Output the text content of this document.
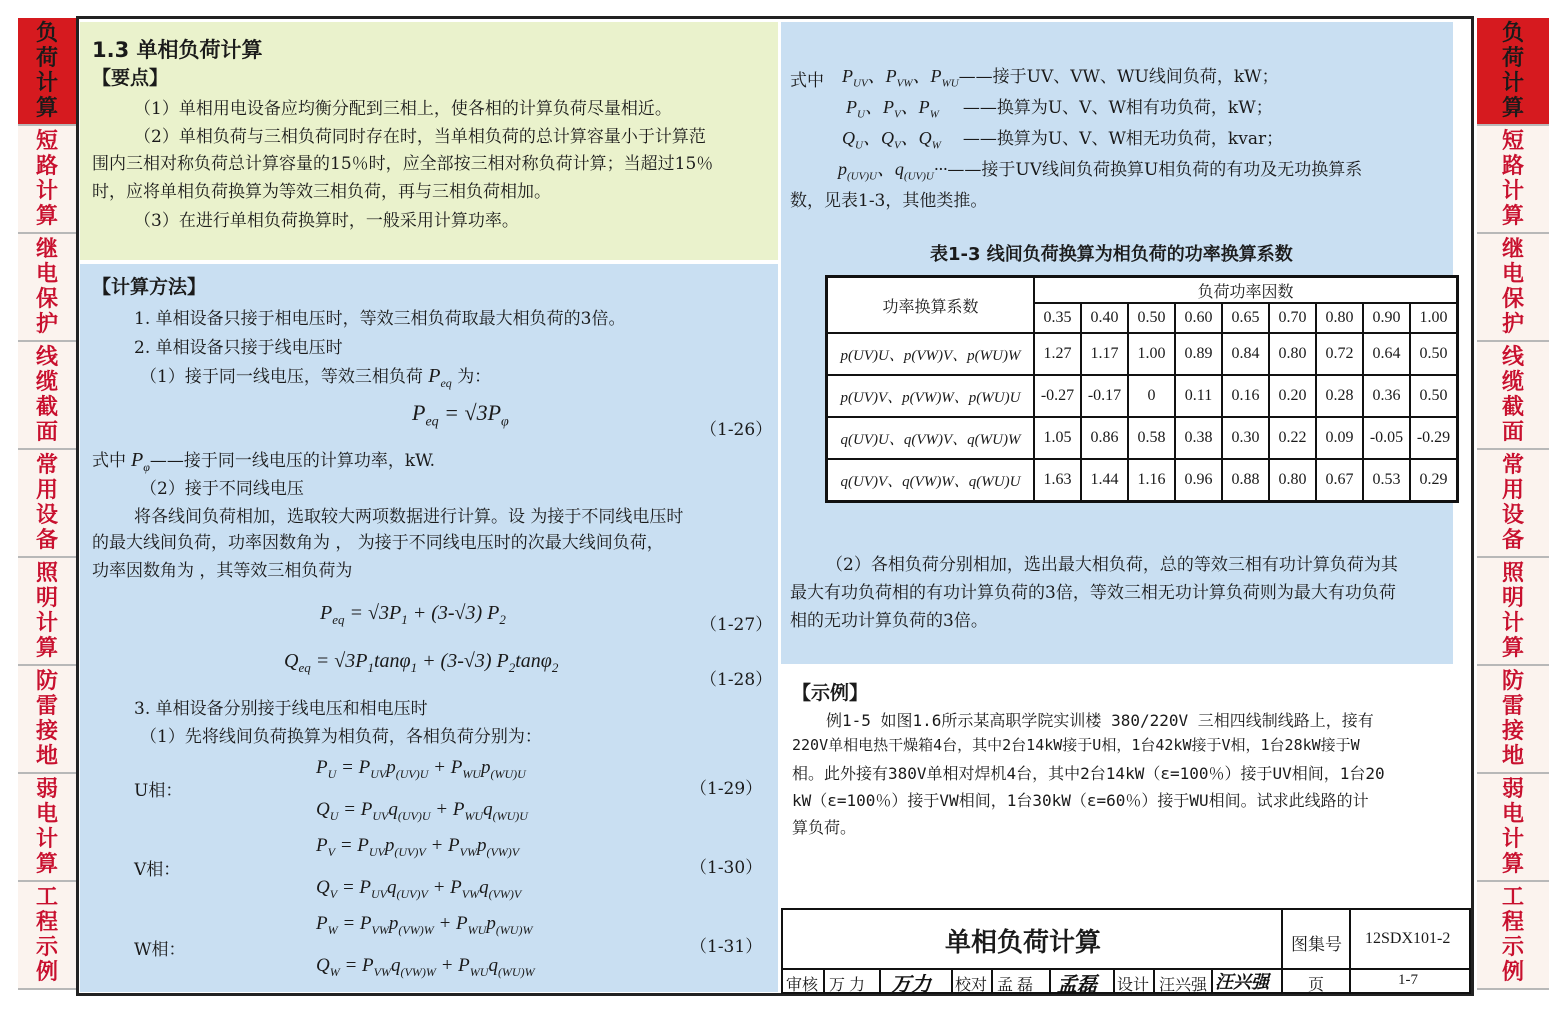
负荷计算
短路计算
继电保护
线缆截面
常用设备
照明计算
防雷接地
弱电计算
工程示例
负荷计算
短路计算
继电保护
线缆截面
常用设备
照明计算
防雷接地
弱电计算
工程示例
1.3 单相负荷计算
【要点】
（1）单相用电设备应均衡分配到三相上，使各相的计算负荷尽量相近。
（2）单相负荷与三相负荷同时存在时，当单相负荷的总计算容量小于计算范
围内三相对称负荷总计算容量的15％时，应全部按三相对称负荷计算；当超过15％
时，应将单相负荷换算为等效三相负荷，再与三相负荷相加。
（3）在进行单相负荷换算时，一般采用计算功率。
【计算方法】
1. 单相设备只接于相电压时，等效三相负荷取最大相负荷的3倍。
2. 单相设备只接于线电压时
（1）接于同一线电压，等效三相负荷 $P_{eq}$ 为：
$P_{eq} = √3P_\varphi$	（1-26）
式中 $P_\varphi——$接于同一线电压的计算功率，kW.
（2）接于不同线电压
将各线间负荷相加，选取较大两项数据进行计算。设 为接于不同线电压时
的最大线间负荷，功率因数角为 ， 为接于不同线电压时的次最大线间负荷，
功率因数角为 ，其等效三相负荷为
$P_{eq} = √3P_1 + (3-√3)$ $P_2$	（1-27）
$Q_{eq} = √3P_1\tan\varphi_1 + (3-√3)$ $P_2\tan\varphi_2$
（1-28）
3. 单相设备分别接于线电压和相电压时
（1）先将线间负荷换算为相负荷，各相负荷分别为：
U相：
$P_U = P_{UV}p_{(UV)U} + P_{WU}p_{(WU)U}$
$Q_U = P_{UV}q_{(UV)U} + P_{WU}q_{(WU)U}$
（1-29）
V相：
$P_V = P_{UV}p_{(UV)V} + P_{VW}p_{(VW)V}$
$Q_V = P_{UV}q_{(UV)V} + P_{VW}q_{(VW)V}$
（1-30）
W相：
$P_W = P_{VW}p_{(VW)W} + P_{WU}p_{(WU)W}$
$Q_W = P_{VW}q_{(VW)W} + P_{WU}q_{(WU)W}$
（1-31）
式中 $P_{UV}$、$P_{VW}$、$P_{WU}——$接于UV、VW、WU线间负荷，kW；
$P_U$、$P_V$、$P_W$ ——换算为U、V、W相有功负荷，kW；
$Q_U$、$Q_V$、$Q_W$ ——换算为U、V、W相无功负荷，kvar；
$p_{(UV)U}$、$q_{(UV)U}\cdot\cdot\cdot——$接于UV线间负荷换算U相负荷的有功及无功换算系
数，见表1-3，其他类推。
表1-3 线间负荷换算为相负荷的功率换算系数
功率换算系数	负荷功率因数								
	0.35	0.40	0.50	0.60	0.65	0.70	0.80	0.90	1.00
p(UV)U、p(VW)V、p(WU)W	1.27	1.17	1.00	0.89	0.84	0.80	0.72	0.64	0.50
p(UV)V、p(VW)W、p(WU)U	-0.27	-0.17	0	0.11	0.16	0.20	0.28	0.36	0.50
q(UV)U、q(VW)V、q(WU)W	1.05	0.86	0.58	0.38	0.30	0.22	0.09	-0.05	-0.29
q(UV)V、q(VW)W、q(WU)U	1.63	1.44	1.16	0.96	0.88	0.80	0.67	0.53	0.29
（2）各相负荷分别相加，选出最大相负荷，总的等效三相有功计算负荷为其
最大有功负荷相的有功计算负荷的3倍，等效三相无功计算负荷则为最大有功负荷
相的无功计算负荷的3倍。
【示例】
例1-5 如图1.6所示某高职学院实训楼 380/220V 三相四线制线路上，接有
220V单相电热干燥箱4台，其中2台14kW接于U相，1台42kW接于V相，1台28kW接于W
相。此外接有380V单相对焊机4台，其中2台14kW（ε=100％）接于UV相间，1台20
kW（ε=100％）接于VW相间，1台30kW（ε=60％）接于WU相间。试求此线路的计
算负荷。
单相负荷计算	图集号 12SDX101-2
审核 万 力 万力 校对 孟 磊 孟磊 设计 汪兴强 汪兴强 页	1-7
